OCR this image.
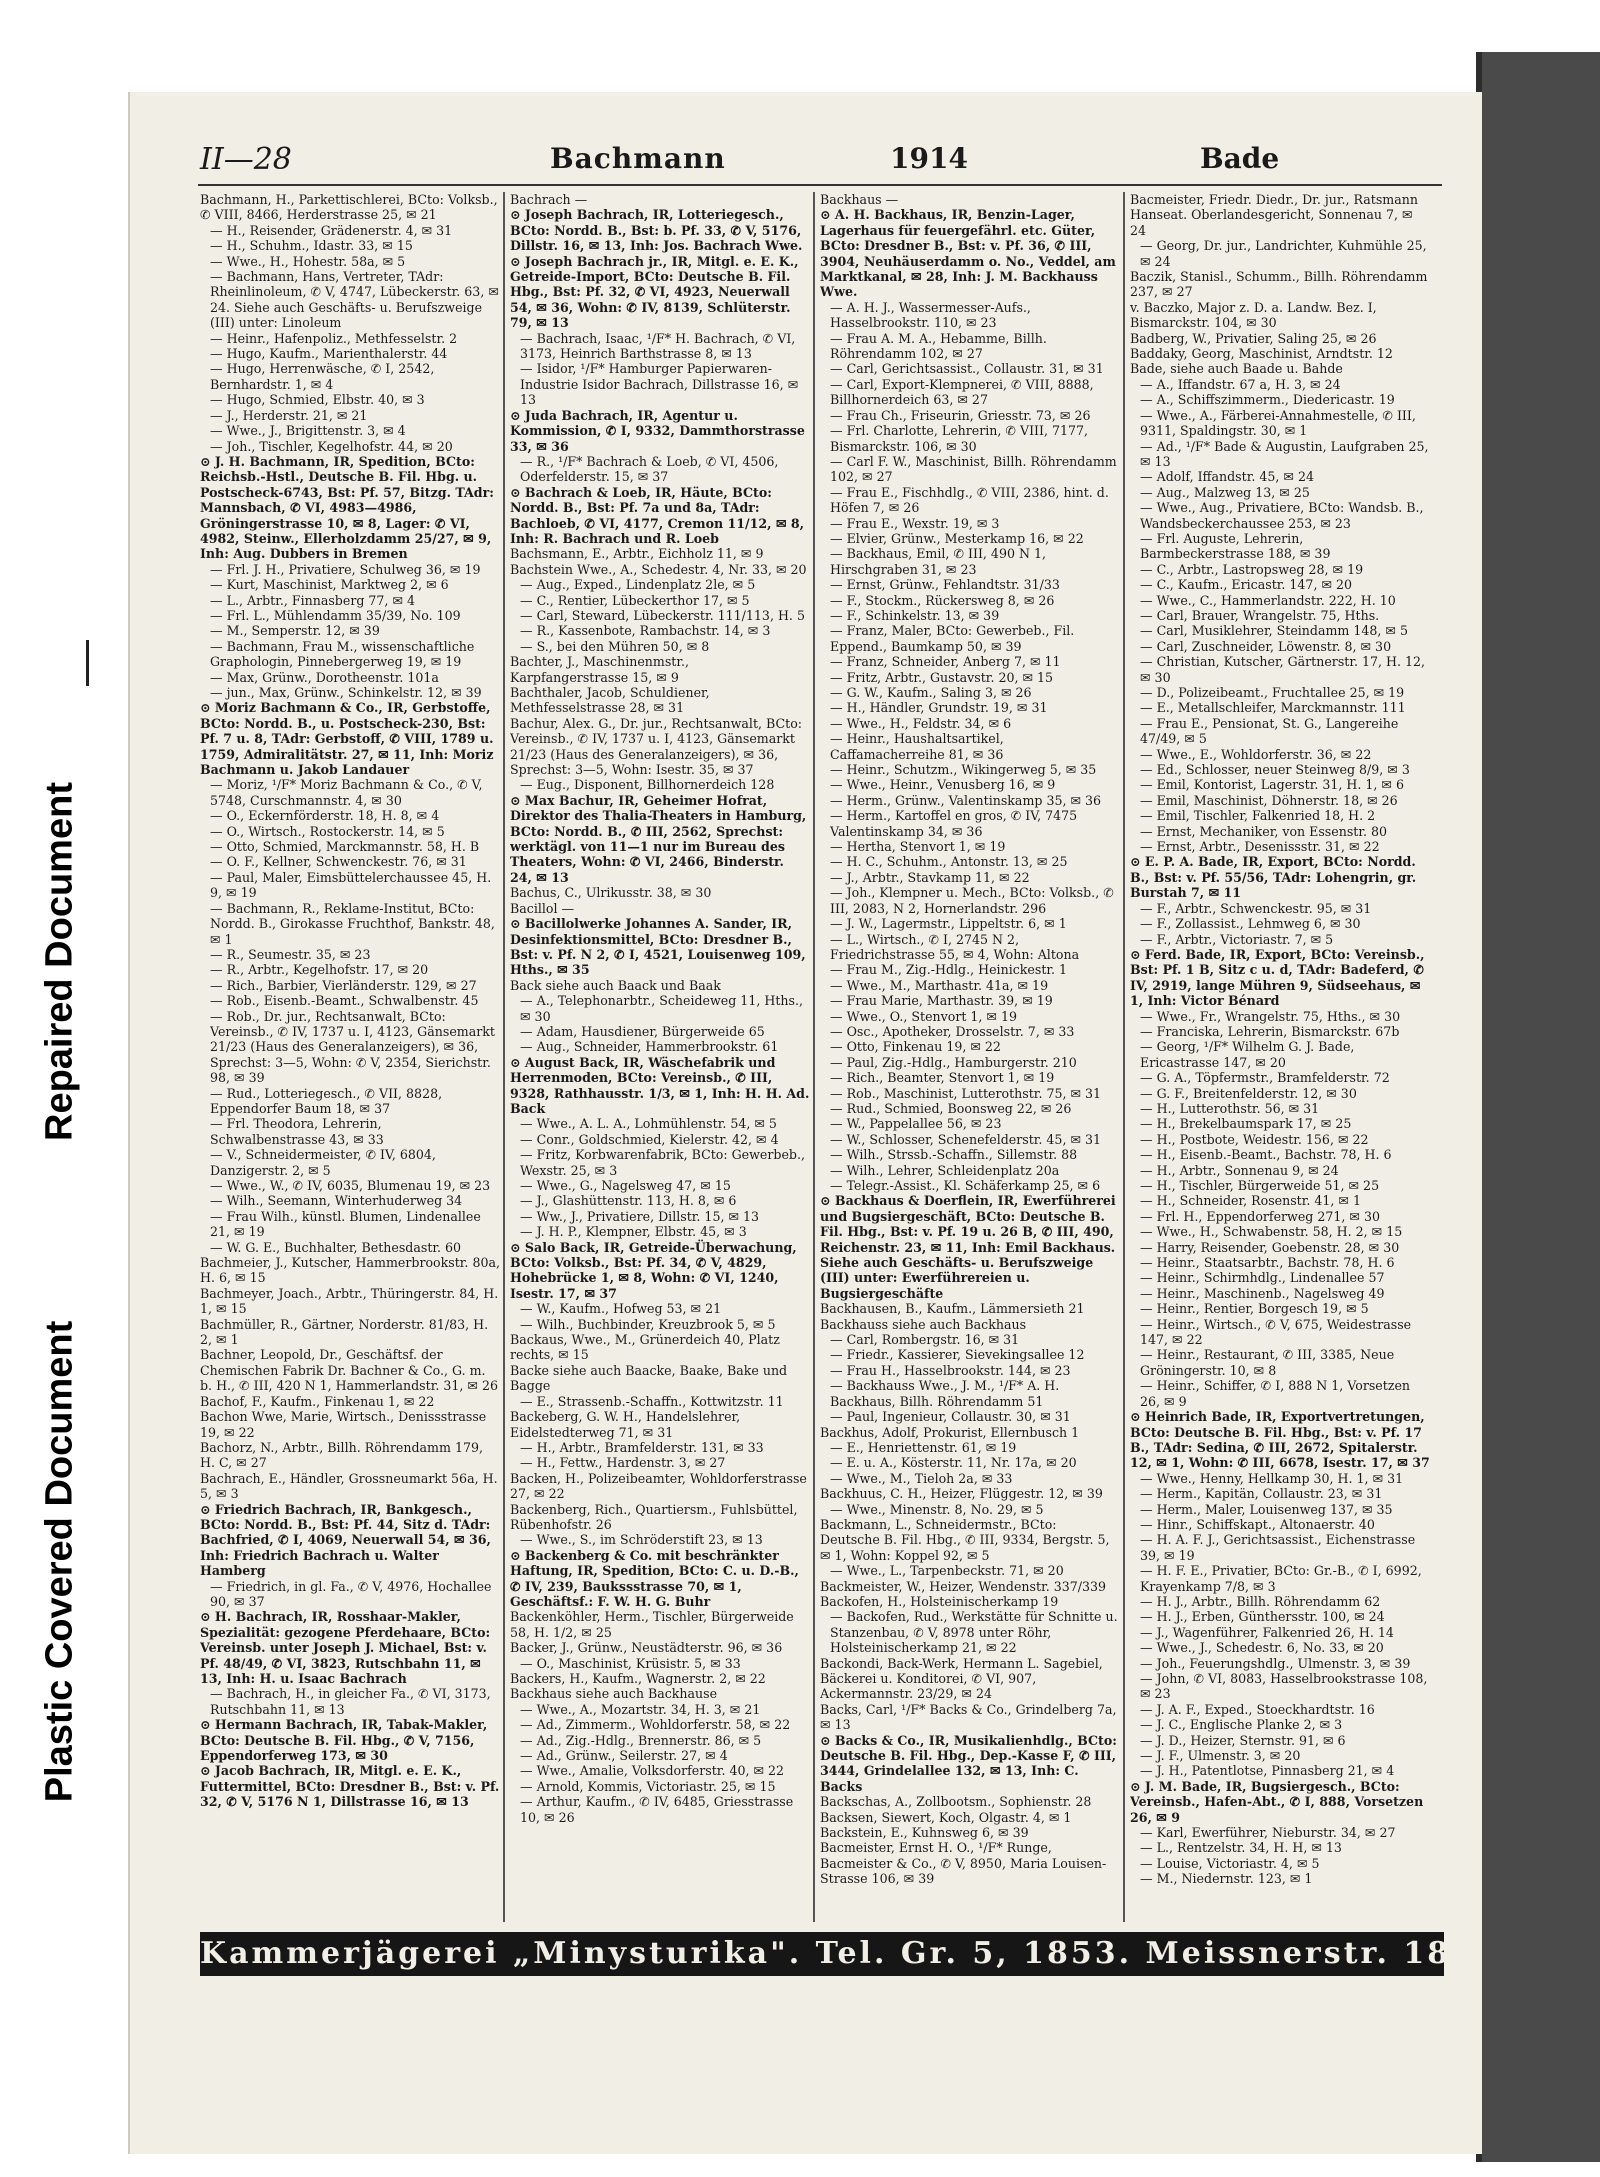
Repaired Document
Plastic Covered Document
II—28	Bachmann	1914	Bade

Bachmann, H., Parkettischlerei, BCto: Volksb., ✆ VIII, 8466, Herderstrasse 25, ✉ 21

— H., Reisender, Grädenerstr. 4, ✉ 31

— H., Schuhm., Idastr. 33, ✉ 15

— Wwe., H., Hohestr. 58a, ✉ 5

— Bachmann, Hans, Vertreter, TAdr: Rheinlinoleum, ✆ V, 4747, Lübeckerstr. 63, ✉ 24. Siehe auch Geschäfts- u. Berufszweige (III) unter: Linoleum

— Heinr., Hafenpoliz., Methfesselstr. 2

— Hugo, Kaufm., Marienthalerstr. 44

— Hugo, Herrenwäsche, ✆ I, 2542, Bernhardstr. 1, ✉ 4

— Hugo, Schmied, Elbstr. 40, ✉ 3

— J., Herderstr. 21, ✉ 21

— Wwe., J., Brigittenstr. 3, ✉ 4

— Joh., Tischler, Kegelhofstr. 44, ✉ 20

⊙ J. H. Bachmann, IR, Spedition, BCto: Reichsb.-Hstl., Deutsche B. Fil. Hbg. u. Postscheck-6743, Bst: Pf. 57, Bitzg. TAdr: Mannsbach, ✆ VI, 4983—4986, Gröningerstrasse 10, ✉ 8, Lager: ✆ VI, 4982, Steinw., Ellerholzdamm 25/27, ✉ 9, Inh: Aug. Dubbers in Bremen

— Frl. J. H., Privatiere, Schulweg 36, ✉ 19

— Kurt, Maschinist, Marktweg 2, ✉ 6

— L., Arbtr., Finnasberg 77, ✉ 4

— Frl. L., Mühlendamm 35/39, No. 109

— M., Semperstr. 12, ✉ 39

— Bachmann, Frau M., wissenschaftliche Graphologin, Pinnebergerweg 19, ✉ 19

— Max, Grünw., Dorotheenstr. 101a

— jun., Max, Grünw., Schinkelstr. 12, ✉ 39

⊙ Moriz Bachmann & Co., IR, Gerbstoffe, BCto: Nordd. B., u. Postscheck-230, Bst: Pf. 7 u. 8, TAdr: Gerbstoff, ✆ VIII, 1789 u. 1759, Admiralitätstr. 27, ✉ 11, Inh: Moriz Bachmann u. Jakob Landauer

— Moriz, ¹/F* Moriz Bachmann & Co., ✆ V, 5748, Curschmannstr. 4, ✉ 30

— O., Eckernförderstr. 18, H. 8, ✉ 4

— O., Wirtsch., Rostockerstr. 14, ✉ 5

— Otto, Schmied, Marckmannstr. 58, H. B

— O. F., Kellner, Schwenckestr. 76, ✉ 31

— Paul, Maler, Eimsbüttelerchaussee 45, H. 9, ✉ 19

— Bachmann, R., Reklame-Institut, BCto: Nordd. B., Girokasse Fruchthof, Bankstr. 48, ✉ 1

— R., Seumestr. 35, ✉ 23

— R., Arbtr., Kegelhofstr. 17, ✉ 20

— Rich., Barbier, Vierländerstr. 129, ✉ 27

— Rob., Eisenb.-Beamt., Schwalbenstr. 45

— Rob., Dr. jur., Rechtsanwalt, BCto: Vereinsb., ✆ IV, 1737 u. I, 4123, Gänsemarkt 21/23 (Haus des Generalanzeigers), ✉ 36, Sprechst: 3—5, Wohn: ✆ V, 2354, Sierichstr. 98, ✉ 39

— Rud., Lotteriegesch., ✆ VII, 8828, Eppendorfer Baum 18, ✉ 37

— Frl. Theodora, Lehrerin, Schwalbenstrasse 43, ✉ 33

— V., Schneidermeister, ✆ IV, 6804, Danzigerstr. 2, ✉ 5

— Wwe., W., ✆ IV, 6035, Blumenau 19, ✉ 23

— Wilh., Seemann, Winterhuderweg 34

— Frau Wilh., künstl. Blumen, Lindenallee 21, ✉ 19

— W. G. E., Buchhalter, Bethesdastr. 60

Bachmeier, J., Kutscher, Hammerbrookstr. 80a, H. 6, ✉ 15

Bachmeyer, Joach., Arbtr., Thüringerstr. 84, H. 1, ✉ 15

Bachmüller, R., Gärtner, Norderstr. 81/83, H. 2, ✉ 1

Bachner, Leopold, Dr., Geschäftsf. der Chemischen Fabrik Dr. Bachner & Co., G. m. b. H., ✆ III, 420 N 1, Hammerlandstr. 31, ✉ 26

Bachof, F., Kaufm., Finkenau 1, ✉ 22

Bachon Wwe, Marie, Wirtsch., Denissstrasse 19, ✉ 22

Bachorz, N., Arbtr., Billh. Röhrendamm 179, H. C, ✉ 27

Bachrach, E., Händler, Grossneumarkt 56a, H. 5, ✉ 3

⊙ Friedrich Bachrach, IR, Bankgesch., BCto: Nordd. B., Bst: Pf. 44, Sitz d. TAdr: Bachfried, ✆ I, 4069, Neuerwall 54, ✉ 36, Inh: Friedrich Bachrach u. Walter Hamberg

— Friedrich, in gl. Fa., ✆ V, 4976, Hochallee 90, ✉ 37

⊙ H. Bachrach, IR, Rosshaar-Makler, Spezialität: gezogene Pferdehaare, BCto: Vereinsb. unter Joseph J. Michael, Bst: v. Pf. 48/49, ✆ VI, 3823, Rutschbahn 11, ✉ 13, Inh: H. u. Isaac Bachrach

— Bachrach, H., in gleicher Fa., ✆ VI, 3173, Rutschbahn 11, ✉ 13

⊙ Hermann Bachrach, IR, Tabak-Makler, BCto: Deutsche B. Fil. Hbg., ✆ V, 7156, Eppendorferweg 173, ✉ 30

⊙ Jacob Bachrach, IR, Mitgl. e. E. K., Futtermittel, BCto: Dresdner B., Bst: v. Pf. 32, ✆ V, 5176 N 1, Dillstrasse 16, ✉ 13

Bachrach —

⊙ Joseph Bachrach, IR, Lotteriegesch., BCto: Nordd. B., Bst: b. Pf. 33, ✆ V, 5176, Dillstr. 16, ✉ 13, Inh: Jos. Bachrach Wwe.

⊙ Joseph Bachrach jr., IR, Mitgl. e. E. K., Getreide-Import, BCto: Deutsche B. Fil. Hbg., Bst: Pf. 32, ✆ VI, 4923, Neuerwall 54, ✉ 36, Wohn: ✆ IV, 8139, Schlüterstr. 79, ✉ 13

— Bachrach, Isaac, ¹/F* H. Bachrach, ✆ VI, 3173, Heinrich Barthstrasse 8, ✉ 13

— Isidor, ¹/F* Hamburger Papierwaren-Industrie Isidor Bachrach, Dillstrasse 16, ✉ 13

⊙ Juda Bachrach, IR, Agentur u. Kommission, ✆ I, 9332, Dammthorstrasse 33, ✉ 36

— R., ¹/F* Bachrach & Loeb, ✆ VI, 4506, Oderfelderstr. 15, ✉ 37

⊙ Bachrach & Loeb, IR, Häute, BCto: Nordd. B., Bst: Pf. 7a und 8a, TAdr: Bachloeb, ✆ VI, 4177, Cremon 11/12, ✉ 8, Inh: R. Bachrach und R. Loeb

Bachsmann, E., Arbtr., Eichholz 11, ✉ 9

Bachstein Wwe., A., Schedestr. 4, Nr. 33, ✉ 20

— Aug., Exped., Lindenplatz 2le, ✉ 5

— C., Rentier, Lübeckerthor 17, ✉ 5

— Carl, Steward, Lübeckerstr. 111/113, H. 5

— R., Kassenbote, Rambachstr. 14, ✉ 3

— S., bei den Mühren 50, ✉ 8

Bachter, J., Maschinenmstr., Karpfangerstrasse 15, ✉ 9

Bachthaler, Jacob, Schuldiener, Methfesselstrasse 28, ✉ 31

Bachur, Alex. G., Dr. jur., Rechtsanwalt, BCto: Vereinsb., ✆ IV, 1737 u. I, 4123, Gänsemarkt 21/23 (Haus des Generalanzeigers), ✉ 36, Sprechst: 3—5, Wohn: Isestr. 35, ✉ 37

— Eug., Disponent, Billhornerdeich 128

⊙ Max Bachur, IR, Geheimer Hofrat, Direktor des Thalia-Theaters in Hamburg, BCto: Nordd. B., ✆ III, 2562, Sprechst: werktägl. von 11—1 nur im Bureau des Theaters, Wohn: ✆ VI, 2466, Binderstr. 24, ✉ 13

Bachus, C., Ulrikusstr. 38, ✉ 30

Bacillol —

⊙ Bacillolwerke Johannes A. Sander, IR, Desinfektionsmittel, BCto: Dresdner B., Bst: v. Pf. N 2, ✆ I, 4521, Louisenweg 109, Hths., ✉ 35

Back siehe auch Baack und Baak

— A., Telephonarbtr., Scheideweg 11, Hths., ✉ 30

— Adam, Hausdiener, Bürgerweide 65

— Aug., Schneider, Hammerbrookstr. 61

⊙ August Back, IR, Wäschefabrik und Herrenmoden, BCto: Vereinsb., ✆ III, 9328, Rathhausstr. 1/3, ✉ 1, Inh: H. H. Ad. Back

— Wwe., A. L. A., Lohmühlenstr. 54, ✉ 5

— Conr., Goldschmied, Kielerstr. 42, ✉ 4

— Fritz, Korbwarenfabrik, BCto: Gewerbeb., Wexstr. 25, ✉ 3

— Wwe., G., Nagelsweg 47, ✉ 15

— J., Glashüttenstr. 113, H. 8, ✉ 6

— Ww., J., Privatiere, Dillstr. 15, ✉ 13

— J. H. P., Klempner, Elbstr. 45, ✉ 3

⊙ Salo Back, IR, Getreide-Überwachung, BCto: Volksb., Bst: Pf. 34, ✆ V, 4829, Hohebrücke 1, ✉ 8, Wohn: ✆ VI, 1240, Isestr. 17, ✉ 37

— W., Kaufm., Hofweg 53, ✉ 21

— Wilh., Buchbinder, Kreuzbrook 5, ✉ 5

Backaus, Wwe., M., Grünerdeich 40, Platz rechts, ✉ 15

Backe siehe auch Baacke, Baake, Bake und Bagge

— E., Strassenb.-Schaffn., Kottwitzstr. 11

Backeberg, G. W. H., Handelslehrer, Eidelstedterweg 71, ✉ 31

— H., Arbtr., Bramfelderstr. 131, ✉ 33

— H., Fettw., Hardenstr. 3, ✉ 27

Backen, H., Polizeibeamter, Wohldorferstrasse 27, ✉ 22

Backenberg, Rich., Quartiersm., Fuhlsbüttel, Rübenhofstr. 26

— Wwe., S., im Schröderstift 23, ✉ 13

⊙ Backenberg & Co. mit beschränkter Haftung, IR, Spedition, BCto: C. u. D.-B., ✆ IV, 239, Baukssstrasse 70, ✉ 1, Geschäftsf.: F. W. H. G. Buhr

Backenköhler, Herm., Tischler, Bürgerweide 58, H. 1/2, ✉ 25

Backer, J., Grünw., Neustädterstr. 96, ✉ 36

— O., Maschinist, Krüsistr. 5, ✉ 33

Backers, H., Kaufm., Wagnerstr. 2, ✉ 22

Backhaus siehe auch Backhause

— Wwe., A., Mozartstr. 34, H. 3, ✉ 21

— Ad., Zimmerm., Wohldorferstr. 58, ✉ 22

— Ad., Zig.-Hdlg., Brennerstr. 86, ✉ 5

— Ad., Grünw., Seilerstr. 27, ✉ 4

— Wwe., Amalie, Volksdorferstr. 40, ✉ 22

— Arnold, Kommis, Victoriastr. 25, ✉ 15

— Arthur, Kaufm., ✆ IV, 6485, Griesstrasse 10, ✉ 26

Backhaus —

⊙ A. H. Backhaus, IR, Benzin-Lager, Lagerhaus für feuergefährl. etc. Güter, BCto: Dresdner B., Bst: v. Pf. 36, ✆ III, 3904, Neuhäuserdamm o. No., Veddel, am Marktkanal, ✉ 28, Inh: J. M. Backhauss Wwe.

— A. H. J., Wassermesser-Aufs., Hasselbrookstr. 110, ✉ 23

— Frau A. M. A., Hebamme, Billh. Röhrendamm 102, ✉ 27

— Carl, Gerichtsassist., Collaustr. 31, ✉ 31

— Carl, Export-Klempnerei, ✆ VIII, 8888, Billhornerdeich 63, ✉ 27

— Frau Ch., Friseurin, Griesstr. 73, ✉ 26

— Frl. Charlotte, Lehrerin, ✆ VIII, 7177, Bismarckstr. 106, ✉ 30

— Carl F. W., Maschinist, Billh. Röhrendamm 102, ✉ 27

— Frau E., Fischhdlg., ✆ VIII, 2386, hint. d. Höfen 7, ✉ 26

— Frau E., Wexstr. 19, ✉ 3

— Elvier, Grünw., Mesterkamp 16, ✉ 22

— Backhaus, Emil, ✆ III, 490 N 1, Hirschgraben 31, ✉ 23

— Ernst, Grünw., Fehlandtstr. 31/33

— F., Stockm., Rückersweg 8, ✉ 26

— F., Schinkelstr. 13, ✉ 39

— Franz, Maler, BCto: Gewerbeb., Fil. Eppend., Baumkamp 50, ✉ 39

— Franz, Schneider, Anberg 7, ✉ 11

— Fritz, Arbtr., Gustavstr. 20, ✉ 15

— G. W., Kaufm., Saling 3, ✉ 26

— H., Händler, Grundstr. 19, ✉ 31

— Wwe., H., Feldstr. 34, ✉ 6

— Heinr., Haushaltsartikel, Caffamacherreihe 81, ✉ 36

— Heinr., Schutzm., Wikingerweg 5, ✉ 35

— Wwe., Heinr., Venusberg 16, ✉ 9

— Herm., Grünw., Valentinskamp 35, ✉ 36

— Herm., Kartoffel en gros, ✆ IV, 7475 Valentinskamp 34, ✉ 36

— Hertha, Stenvort 1, ✉ 19

— H. C., Schuhm., Antonstr. 13, ✉ 25

— J., Arbtr., Stavkamp 11, ✉ 22

— Joh., Klempner u. Mech., BCto: Volksb., ✆ III, 2083, N 2, Hornerlandstr. 296

— J. W., Lagermstr., Lippeltstr. 6, ✉ 1

— L., Wirtsch., ✆ I, 2745 N 2, Friedrichstrasse 55, ✉ 4, Wohn: Altona

— Frau M., Zig.-Hdlg., Heinickestr. 1

— Wwe., M., Marthastr. 41a, ✉ 19

— Frau Marie, Marthastr. 39, ✉ 19

— Wwe., O., Stenvort 1, ✉ 19

— Osc., Apotheker, Drosselstr. 7, ✉ 33

— Otto, Finkenau 19, ✉ 22

— Paul, Zig.-Hdlg., Hamburgerstr. 210

— Rich., Beamter, Stenvort 1, ✉ 19

— Rob., Maschinist, Lutterothstr. 75, ✉ 31

— Rud., Schmied, Boonsweg 22, ✉ 26

— W., Pappelallee 56, ✉ 23

— W., Schlosser, Schenefelderstr. 45, ✉ 31

— Wilh., Strssb.-Schaffn., Sillemstr. 88

— Wilh., Lehrer, Schleidenplatz 20a

— Telegr.-Assist., Kl. Schäferkamp 25, ✉ 6

⊙ Backhaus & Doerflein, IR, Ewerführerei und Bugsiergeschäft, BCto: Deutsche B. Fil. Hbg., Bst: v. Pf. 19 u. 26 B, ✆ III, 490, Reichenstr. 23, ✉ 11, Inh: Emil Backhaus. Siehe auch Geschäfts- u. Berufszweige (III) unter: Ewerführereien u. Bugsiergeschäfte

Backhausen, B., Kaufm., Lämmersieth 21

Backhauss siehe auch Backhaus

— Carl, Rombergstr. 16, ✉ 31

— Friedr., Kassierer, Sievekingsallee 12

— Frau H., Hasselbrookstr. 144, ✉ 23

— Backhauss Wwe., J. M., ¹/F* A. H. Backhaus, Billh. Röhrendamm 51

— Paul, Ingenieur, Collaustr. 30, ✉ 31

Backhus, Adolf, Prokurist, Ellernbusch 1

— E., Henriettenstr. 61, ✉ 19

— E. u. A., Kösterstr. 11, Nr. 17a, ✉ 20

— Wwe., M., Tieloh 2a, ✉ 33

Backhuus, C. H., Heizer, Flüggestr. 12, ✉ 39

— Wwe., Minenstr. 8, No. 29, ✉ 5

Backmann, L., Schneidermstr., BCto: Deutsche B. Fil. Hbg., ✆ III, 9334, Bergstr. 5, ✉ 1, Wohn: Koppel 92, ✉ 5

— Wwe., L., Tarpenbeckstr. 71, ✉ 20

Backmeister, W., Heizer, Wendenstr. 337/339

Backofen, H., Holsteinischerkamp 19

— Backofen, Rud., Werkstätte für Schnitte u. Stanzenbau, ✆ V, 8978 unter Röhr, Holsteinischerkamp 21, ✉ 22

Backondi, Back-Werk, Hermann L. Sagebiel, Bäckerei u. Konditorei, ✆ VI, 907, Ackermannstr. 23/29, ✉ 24

Backs, Carl, ¹/F* Backs & Co., Grindelberg 7a, ✉ 13

⊙ Backs & Co., IR, Musikalienhdlg., BCto: Deutsche B. Fil. Hbg., Dep.-Kasse F, ✆ III, 3444, Grindelallee 132, ✉ 13, Inh: C. Backs

Backschas, A., Zollbootsm., Sophienstr. 28

Backsen, Siewert, Koch, Olgastr. 4, ✉ 1

Backstein, E., Kuhnsweg 6, ✉ 39

Bacmeister, Ernst H. O., ¹/F* Runge, Bacmeister & Co., ✆ V, 8950, Maria Louisen-Strasse 106, ✉ 39

Bacmeister, Friedr. Diedr., Dr. jur., Ratsmann Hanseat. Oberlandesgericht, Sonnenau 7, ✉ 24

— Georg, Dr. jur., Landrichter, Kuhmühle 25, ✉ 24

Baczik, Stanisl., Schumm., Billh. Röhrendamm 237, ✉ 27

v. Baczko, Major z. D. a. Landw. Bez. I, Bismarckstr. 104, ✉ 30

Badberg, W., Privatier, Saling 25, ✉ 26

Baddaky, Georg, Maschinist, Arndtstr. 12

Bade, siehe auch Baade u. Bahde

— A., Iffandstr. 67 a, H. 3, ✉ 24

— A., Schiffszimmerm., Diedericastr. 19

— Wwe., A., Färberei-Annahmestelle, ✆ III, 9311, Spaldingstr. 30, ✉ 1

— Ad., ¹/F* Bade & Augustin, Laufgraben 25, ✉ 13

— Adolf, Iffandstr. 45, ✉ 24

— Aug., Malzweg 13, ✉ 25

— Wwe., Aug., Privatiere, BCto: Wandsb. B., Wandsbeckerchaussee 253, ✉ 23

— Frl. Auguste, Lehrerin, Barmbeckerstrasse 188, ✉ 39

— C., Arbtr., Lastropsweg 28, ✉ 19

— C., Kaufm., Ericastr. 147, ✉ 20

— Wwe., C., Hammerlandstr. 222, H. 10

— Carl, Brauer, Wrangelstr. 75, Hths.

— Carl, Musiklehrer, Steindamm 148, ✉ 5

— Carl, Zuschneider, Löwenstr. 8, ✉ 30

— Christian, Kutscher, Gärtnerstr. 17, H. 12, ✉ 30

— D., Polizeibeamt., Fruchtallee 25, ✉ 19

— E., Metallschleifer, Marckmannstr. 111

— Frau E., Pensionat, St. G., Langereihe 47/49, ✉ 5

— Wwe., E., Wohldorferstr. 36, ✉ 22

— Ed., Schlosser, neuer Steinweg 8/9, ✉ 3

— Emil, Kontorist, Lagerstr. 31, H. 1, ✉ 6

— Emil, Maschinist, Döhnerstr. 18, ✉ 26

— Emil, Tischler, Falkenried 18, H. 2

— Ernst, Mechaniker, von Essenstr. 80

— Ernst, Arbtr., Desenissstr. 31, ✉ 22

⊙ E. P. A. Bade, IR, Export, BCto: Nordd. B., Bst: v. Pf. 55/56, TAdr: Lohengrin, gr. Burstah 7, ✉ 11

— F., Arbtr., Schwenckestr. 95, ✉ 31

— F., Zollassist., Lehmweg 6, ✉ 30

— F., Arbtr., Victoriastr. 7, ✉ 5

⊙ Ferd. Bade, IR, Export, BCto: Vereinsb., Bst: Pf. 1 B, Sitz c u. d, TAdr: Badeferd, ✆ IV, 2919, lange Mühren 9, Südseehaus, ✉ 1, Inh: Victor Bénard

— Wwe., Fr., Wrangelstr. 75, Hths., ✉ 30

— Franciska, Lehrerin, Bismarckstr. 67b

— Georg, ¹/F* Wilhelm G. J. Bade, Ericastrasse 147, ✉ 20

— G. A., Töpfermstr., Bramfelderstr. 72

— G. F., Breitenfelderstr. 12, ✉ 30

— H., Lutterothstr. 56, ✉ 31

— H., Brekelbaumspark 17, ✉ 25

— H., Postbote, Weidestr. 156, ✉ 22

— H., Eisenb.-Beamt., Bachstr. 78, H. 6

— H., Arbtr., Sonnenau 9, ✉ 24

— H., Tischler, Bürgerweide 51, ✉ 25

— H., Schneider, Rosenstr. 41, ✉ 1

— Frl. H., Eppendorferweg 271, ✉ 30

— Wwe., H., Schwabenstr. 58, H. 2, ✉ 15

— Harry, Reisender, Goebenstr. 28, ✉ 30

— Heinr., Staatsarbtr., Bachstr. 78, H. 6

— Heinr., Schirmhdlg., Lindenallee 57

— Heinr., Maschinenb., Nagelsweg 49

— Heinr., Rentier, Borgesch 19, ✉ 5

— Heinr., Wirtsch., ✆ V, 675, Weidestrasse 147, ✉ 22

— Heinr., Restaurant, ✆ III, 3385, Neue Gröningerstr. 10, ✉ 8

— Heinr., Schiffer, ✆ I, 888 N 1, Vorsetzen 26, ✉ 9

⊙ Heinrich Bade, IR, Exportvertretungen, BCto: Deutsche B. Fil. Hbg., Bst: v. Pf. 17 B., TAdr: Sedina, ✆ III, 2672, Spitalerstr. 12, ✉ 1, Wohn: ✆ III, 6678, Isestr. 17, ✉ 37

— Wwe., Henny, Hellkamp 30, H. 1, ✉ 31

— Herm., Kapitän, Collaustr. 23, ✉ 31

— Herm., Maler, Louisenweg 137, ✉ 35

— Hinr., Schiffskapt., Altonaerstr. 40

— H. A. F. J., Gerichtsassist., Eichenstrasse 39, ✉ 19

— H. F. E., Privatier, BCto: Gr.-B., ✆ I, 6992, Krayenkamp 7/8, ✉ 3

— H. J., Arbtr., Billh. Röhrendamm 62

— H. J., Erben, Günthersstr. 100, ✉ 24

— J., Wagenführer, Falkenried 26, H. 14

— Wwe., J., Schedestr. 6, No. 33, ✉ 20

— Joh., Feuerungshdlg., Ulmenstr. 3, ✉ 39

— John, ✆ VI, 8083, Hasselbrookstrasse 108, ✉ 23

— J. A. F., Exped., Stoeckhardtstr. 16

— J. C., Englische Planke 2, ✉ 3

— J. D., Heizer, Sternstr. 91, ✉ 6

— J. F., Ulmenstr. 3, ✉ 20

— J. H., Patentlotse, Pinnasberg 21, ✉ 4

⊙ J. M. Bade, IR, Bugsiergesch., BCto: Vereinsb., Hafen-Abt., ✆ I, 888, Vorsetzen 26, ✉ 9

— Karl, Ewerführer, Nieburstr. 34, ✉ 27

— L., Rentzelstr. 34, H. H, ✉ 13

— Louise, Victoriastr. 4, ✉ 5

— M., Niedernstr. 123, ✉ 1

Kammerjägerei „Minysturika". Tel. Gr. 5, 1853. Meissnerstr. 18
